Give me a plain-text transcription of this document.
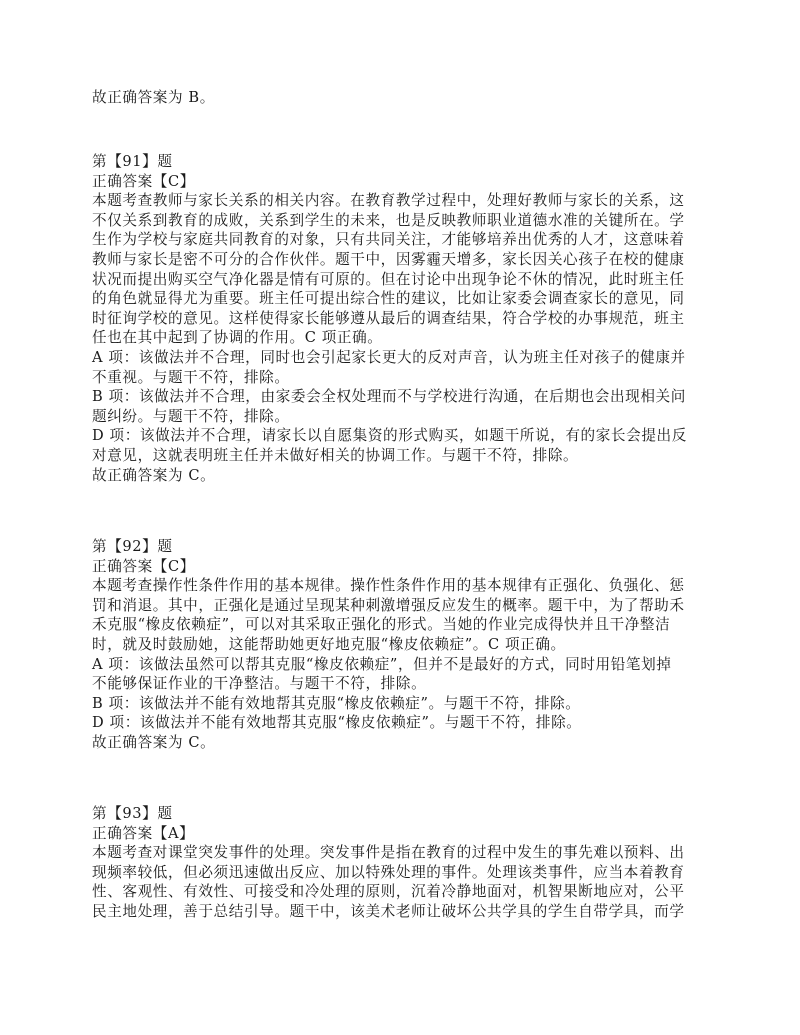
故正确答案为 B。
第【91】题
正确答案【C】
本题考查教师与家长关系的相关内容。在教育教学过程中，处理好教师与家长的关系，这
不仅关系到教育的成败，关系到学生的未来，也是反映教师职业道德水准的关键所在。学
生作为学校与家庭共同教育的对象，只有共同关注，才能够培养出优秀的人才，这意味着
教师与家长是密不可分的合作伙伴。题干中，因雾霾天增多，家长因关心孩子在校的健康
状况而提出购买空气净化器是情有可原的。但在讨论中出现争论不休的情况，此时班主任
的角色就显得尤为重要。班主任可提出综合性的建议，比如让家委会调查家长的意见，同
时征询学校的意见。这样使得家长能够遵从最后的调查结果，符合学校的办事规范，班主
任也在其中起到了协调的作用。C 项正确。
A 项：该做法并不合理，同时也会引起家长更大的反对声音，认为班主任对孩子的健康并
不重视。与题干不符，排除。
B 项：该做法并不合理，由家委会全权处理而不与学校进行沟通，在后期也会出现相关问
题纠纷。与题干不符，排除。
D 项：该做法并不合理，请家长以自愿集资的形式购买，如题干所说，有的家长会提出反
对意见，这就表明班主任并未做好相关的协调工作。与题干不符，排除。
故正确答案为 C。
第【92】题
正确答案【C】
本题考查操作性条件作用的基本规律。操作性条件作用的基本规律有正强化、负强化、惩
罚和消退。其中，正强化是通过呈现某种刺激增强反应发生的概率。题干中，为了帮助禾
禾克服“橡皮依赖症”，可以对其采取正强化的形式。当她的作业完成得快并且干净整洁
时，就及时鼓励她，这能帮助她更好地克服“橡皮依赖症”。C 项正确。
A 项：该做法虽然可以帮其克服“橡皮依赖症”，但并不是最好的方式，同时用铅笔划掉
不能够保证作业的干净整洁。与题干不符，排除。
B 项：该做法并不能有效地帮其克服“橡皮依赖症”。与题干不符，排除。
D 项：该做法并不能有效地帮其克服“橡皮依赖症”。与题干不符，排除。
故正确答案为 C。
第【93】题
正确答案【A】
本题考查对课堂突发事件的处理。突发事件是指在教育的过程中发生的事先难以预料、出
现频率较低，但必须迅速做出反应、加以特殊处理的事件。处理该类事件，应当本着教育
性、客观性、有效性、可接受和冷处理的原则，沉着冷静地面对，机智果断地应对，公平
民主地处理，善于总结引导。题干中，该美术老师让破坏公共学具的学生自带学具，而学
